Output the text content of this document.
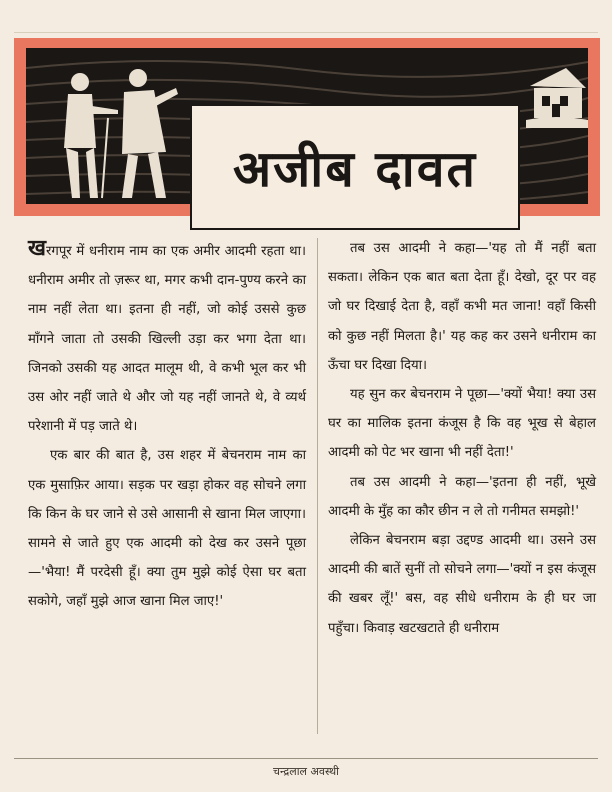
अजीब दावत

खरगपूर में धनीराम नाम का एक अमीर आदमी रहता था। धनीराम अमीर तो ज़रूर था, मगर कभी दान-पुण्य करने का नाम नहीं लेता था। इतना ही नहीं, जो कोई उससे कुछ माँगने जाता तो उसकी खिल्ली उड़ा कर भगा देता था। जिनको उसकी यह आदत मालूम थी, वे कभी भूल कर भी उस ओर नहीं जाते थे और जो यह नहीं जानते थे, वे व्यर्थ परेशानी में पड़ जाते थे।

एक बार की बात है, उस शहर में बेचनराम नाम का एक मुसाफ़िर आया। सड़क पर खड़ा होकर वह सोचने लगा कि किन के घर जाने से उसे आसानी से खाना मिल जाएगा। सामने से जाते हुए एक आदमी को देख कर उसने पूछा—'भैया! मैं परदेसी हूँ। क्या तुम मुझे कोई ऐसा घर बता सकोगे, जहाँ मुझे आज खाना मिल जाए!'

तब उस आदमी ने कहा—'यह तो मैं नहीं बता सकता। लेकिन एक बात बता देता हूँ। देखो, दूर पर वह जो घर दिखाई देता है, वहाँ कभी मत जाना! वहाँ किसी को कुछ नहीं मिलता है।' यह कह कर उसने धनीराम का ऊँचा घर दिखा दिया।

यह सुन कर बेचनराम ने पूछा—'क्यों भैया! क्या उस घर का मालिक इतना कंजूस है कि वह भूख से बेहाल आदमी को पेट भर खाना भी नहीं देता!'

तब उस आदमी ने कहा—'इतना ही नहीं, भूखे आदमी के मुँह का कौर छीन न ले तो गनीमत समझो!'

लेकिन बेचनराम बड़ा उद्दण्ड आदमी था। उसने उस आदमी की बातें सुनीं तो सोचने लगा—'क्यों न इस कंजूस की खबर लूँ!' बस, वह सीधे धनीराम के ही घर जा पहुँचा। किवाड़ खटखटाते ही धनीराम

चन्द्रलाल अवस्थी
